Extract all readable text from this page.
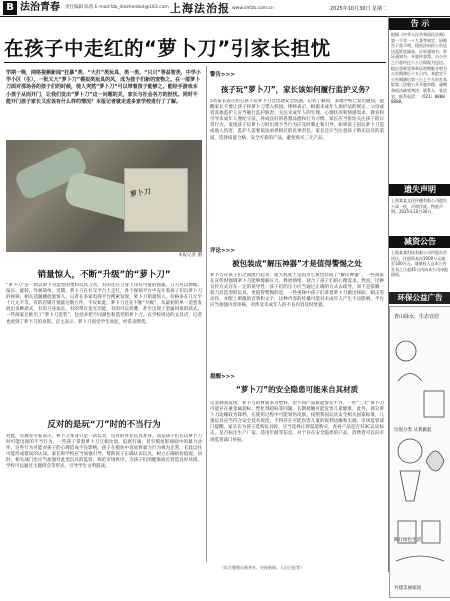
B 法治青春 责任编辑 陈茜 E-mail:fzb_diezhenbot@163.com 上海法治报 www.shfzb.com.cn	2025年10月30日 星期二
在孩子中走红的“萝卜刀”引家长担忧
学期一晚，网络视频新闻“狂暴”类、“大打”类玩具、类一类，“只川”等益智类，中学小学小区（生），一批又大“萝卜刀”模拟类玩具的风，成为孩子们新的宠物之。在一部萝卜刀面对那场各的孩子们的时候，使人突然“萝卜刀”可以带着孩子能够之。能经手游戏本小孩子从而开门，让我们发出“萝卜刀”这一问题的关，家长与社会各方的担忧。同时不能开门孩子家长又应该有什么样的情况？本报记者就走进多家学校进行了了解。
萝卜刀
本报记者 摄
销量惊人，不断“升级”的“萝卜刀”
“萝卜刀”是一款以萝卜为造型的塑料玩具刀具，有的还在刀身上印有可爱的图案，刀刃可以伸缩、按压、旋转，外观简单。近期，萝卜刀在社交平台上走红，各个视频平台中充斥着孩子们玩萝卜刀的视频，相关话题播放量惊人。记者在多家电商平台搜索发现，萝卜刀销量惊人，价格多在几元至十几元不等，有的店铺月销量达数万件。不仅如此，萝卜刀还在不断“升级”，从最初的单一造型发展出多种款式，有的刀身加长，有的带有发光功能，有的可以折叠，甚至出现了金属材质的款式。一些商家还推出了“萝卜刀套装”，包括多把不同颜色和造型的萝卜刀。在学校周边的文具店，记者也看到了萝卜刀的身影。店主表示，萝卜刀很受学生欢迎，经常卖断货。
反对的是玩“刀”时的不当行为
对此，有教育专家表示，萝卜刀本身只是一款玩具，反对的并非玩具本身，而是孩子们在玩萝卜刀时可能出现的不当行为。一些孩子拿着萝卜刀互相比划、追逐打闹，甚至模仿影视剧中的暴力动作，这些行为可能对孩子的心理造成不良影响。孩子在模仿中容易将暴力行为视为正常，长此以往可能形成错误的认知。家长和学校应当加强引导，帮助孩子正确认识玩具，树立正确的价值观。同时，相关部门也应当加强对此类玩具的监管，规范市场秩序，为孩子们的健康成长营造良好环境。学校可以通过主题班会等形式，引导学生文明游戏。
警告>>>
孩子玩“萝卜刀”，家长该如何履行监护义务？
5名家长表示担心孩子玩萝卜刀会出现安全问题。记者了解到，多地学校已发出通知，提醒家长不要让孩子将萝卜刀带入校园。律师表示，根据未成年人保护法的规定，父母或者其他监护人应当履行监护职责，关注未成年人的生理、心理状况和情感需求，教育和引导未成年人遵纪守法，养成良好的思想品德和行为习惯。家长应当密切关注孩子的日常行为，发现孩子玩萝卜刀时出现不当行为应及时制止和引导。如果孩子因玩萝卜刀造成他人伤害，监护人需要依法承担相应的民事责任。家长还应当注意孩子购买玩具的渠道，选择质量合格、安全可靠的产品，避免购买三无产品。
评论>>>
被包装成“解压神器”才是值得警惕之处
萝卜刀在孩子们之间流行起来，很大程度上是因为它被包装成了“解压神器”。一些商家在宣传时强调萝卜刀能够缓解压力、释放情绪，迎合了孩子们的心理需求。然而，这种宣传方式存在一定的误导性。孩子们的压力应当通过正确的方式去疏导，而不是依赖一款刀具造型的玩具。更值得警惕的是，一些视频中孩子们拿着萝卜刀做出挥砍、刺击等动作，并配上刺激的音效和文字，这种内容的传播可能对未成年人产生不良影响。平台应当加强内容审核，对涉及未成年人的不良内容及时处置。
提醒>>>
“萝卜刀”的安全隐患可能来自其材质
记者调查发现，萝卜刀的材质多为塑料，但不同产品质量参差不齐。一些“三无”萝卜刀可能存在重金属超标、塑化剂超标等问题，长期接触可能危害儿童健康。此外，部分萝卜刀边缘较为锋利，在使用过程中可能划伤皮肤。按照我国玩具安全相关国家标准，儿童玩具应当符合安全技术规范，不得存在可能伤害儿童的锐利边缘和尖端。市场监管部门提醒，家长在为孩子选购玩具时，应当选择正规渠道购买，查看产品是否有3C认证标志，是否标注生产厂家、适用年龄等信息。对于存在安全隐患的产品，消费者可以向市场监管部门举报。
（综合整理自新华社、央视新闻、人民日报等）
告 示
根据《中华人民共和国民法典》第一千零一十九条等规定，因被告下落不明，现依法向你公告送达起诉状副本、应诉通知书、举证通知书、开庭传票等。自公告之日起经过六十日即视为送达。提出答辩状和举证的期限分别为公告期满后十五日内。本院定于公告期满后第三日上午九时在本院第二法庭公开开庭审理，逾期将依法缺席判决。联系人：张法官，联系电话：（021）8888 8888。
遗失声明
上海某某文化传播有限公司遗失公章一枚，声明作废。特此声明。2025年10月30日。
减资公告
上海某某科技有限公司经股东会决议，注册资本由1000万元减至100万元。请债权人自本公告发布之日起45日内向本公司申报债权。
环保公益广告
青山绿水，生态宜居
垃圾分类 从我做起
践行绿色生活
共建美丽家园
